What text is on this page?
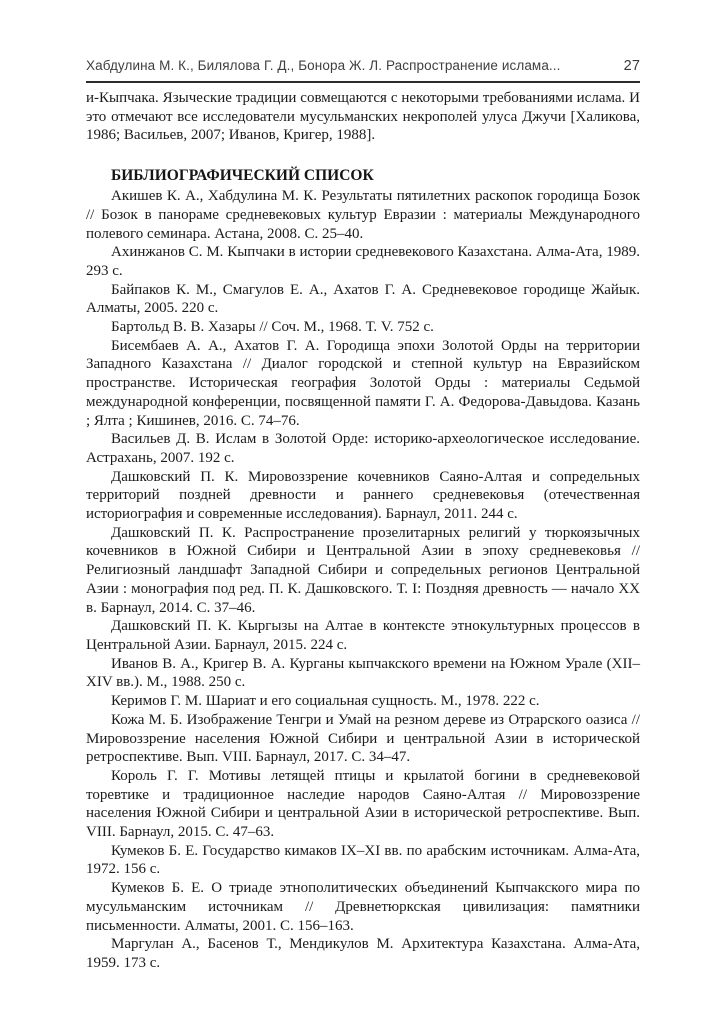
Хабдулина М. К., Билялова Г. Д., Бонора Ж. Л. Распространение ислама...	27

и-Кыпчака. Языческие традиции совмещаются с некоторыми требованиями ислама. И это отмечают все исследователи мусульманских некрополей улуса Джучи [Халикова, 1986; Васильев, 2007; Иванов, Кригер, 1988].

БИБЛИОГРАФИЧЕСКИЙ СПИСОК

Акишев К. А., Хабдулина М. К. Результаты пятилетних раскопок городища Бозок // Бозок в панораме средневековых культур Евразии : материалы Международного полевого семинара. Астана, 2008. С. 25–40.

Ахинжанов С. М. Кыпчаки в истории средневекового Казахстана. Алма-Ата, 1989. 293 с.

Байпаков К. М., Смагулов Е. А., Ахатов Г. А. Средневековое городище Жайык. Алматы, 2005. 220 с.

Бартольд В. В. Хазары // Соч. М., 1968. Т. V. 752 с.

Бисембаев А. А., Ахатов Г. А. Городища эпохи Золотой Орды на территории Западного Казахстана // Диалог городской и степной культур на Евразийском пространстве. Историческая география Золотой Орды : материалы Седьмой международной конференции, посвященной памяти Г. А. Федорова-Давыдова. Казань ; Ялта ; Кишинев, 2016. С. 74–76.

Васильев Д. В. Ислам в Золотой Орде: историко-археологическое исследование. Астрахань, 2007. 192 с.

Дашковский П. К. Мировоззрение кочевников Саяно-Алтая и сопредельных территорий поздней древности и раннего средневековья (отечественная историография и современные исследования). Барнаул, 2011. 244 с.

Дашковский П. К. Распространение прозелитарных религий у тюркоязычных кочевников в Южной Сибири и Центральной Азии в эпоху средневековья // Религиозный ландшафт Западной Сибири и сопредельных регионов Центральной Азии : монография под ред. П. К. Дашковского. Т. I: Поздняя древность — начало XX в. Барнаул, 2014. С. 37–46.

Дашковский П. К. Кыргызы на Алтае в контексте этнокультурных процессов в Центральной Азии. Барнаул, 2015. 224 с.

Иванов В. А., Кригер В. А. Курганы кыпчакского времени на Южном Урале (XII–XIV вв.). М., 1988. 250 с.

Керимов Г. М. Шариат и его социальная сущность. М., 1978. 222 с.

Кожа М. Б. Изображение Тенгри и Умай на резном дереве из Отрарского оазиса // Мировоззрение населения Южной Сибири и центральной Азии в исторической ретроспективе. Вып. VIII. Барнаул, 2017. С. 34–47.

Король Г. Г. Мотивы летящей птицы и крылатой богини в средневековой торевтике и традиционное наследие народов Саяно-Алтая // Мировоззрение населения Южной Сибири и центральной Азии в исторической ретроспективе. Вып. VIII. Барнаул, 2015. С. 47–63.

Кумеков Б. Е. Государство кимаков IX–XI вв. по арабским источникам. Алма-Ата, 1972. 156 с.

Кумеков Б. Е. О триаде этнополитических объединений Кыпчакского мира по мусульманским источникам // Древнетюркская цивилизация: памятники письменности. Алматы, 2001. С. 156–163.

Маргулан А., Басенов Т., Мендикулов М. Архитектура Казахстана. Алма-Ата, 1959. 173 с.
